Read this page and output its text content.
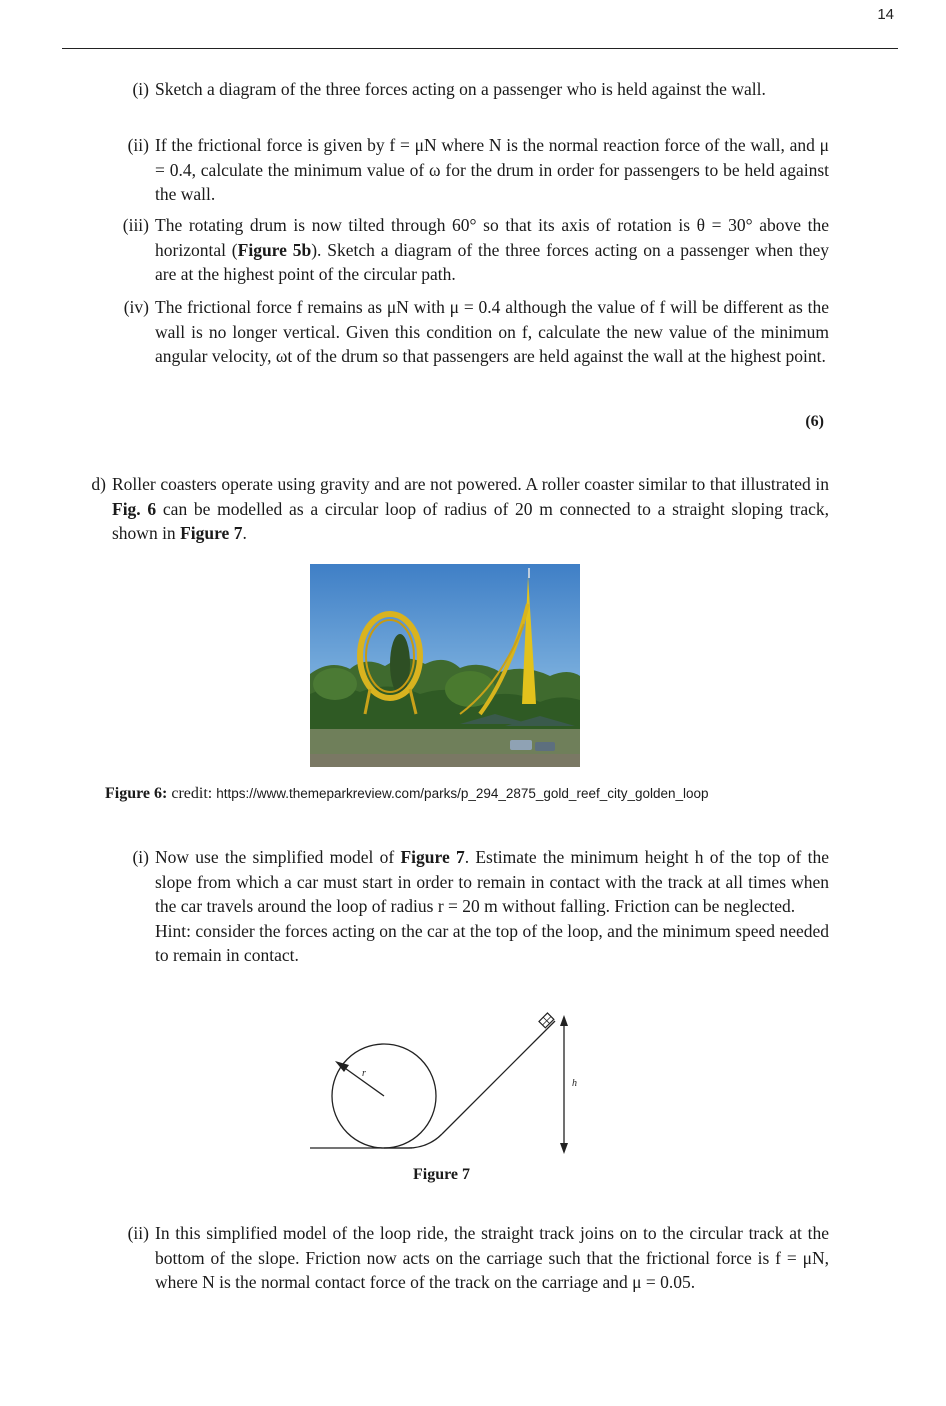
14
(i) Sketch a diagram of the three forces acting on a passenger who is held against the wall.
(ii) If the frictional force is given by f = μN where N is the normal reaction force of the wall, and μ = 0.4, calculate the minimum value of ω for the drum in order for passengers to be held against the wall.
(iii) The rotating drum is now tilted through 60° so that its axis of rotation is θ = 30° above the horizontal (Figure 5b). Sketch a diagram of the three forces acting on a passenger when they are at the highest point of the circular path.
(iv) The frictional force f remains as μN with μ = 0.4 although the value of f will be different as the wall is no longer vertical. Given this condition on f, calculate the new value of the minimum angular velocity, ωt of the drum so that passengers are held against the wall at the highest point.
(6)
d) Roller coasters operate using gravity and are not powered. A roller coaster similar to that illustrated in Fig. 6 can be modelled as a circular loop of radius of 20 m connected to a straight sloping track, shown in Figure 7.
Figure 6: credit: https://www.themeparkreview.com/parks/p_294_2875_gold_reef_city_golden_loop
(i) Now use the simplified model of Figure 7. Estimate the minimum height h of the top of the slope from which a car must start in order to remain in contact with the track at all times when the car travels around the loop of radius r = 20 m without falling. Friction can be neglected.
Hint: consider the forces acting on the car at the top of the loop, and the minimum speed needed to remain in contact.
r
h
Figure 7
(ii) In this simplified model of the loop ride, the straight track joins on to the circular track at the bottom of the slope. Friction now acts on the carriage such that the frictional force is f = μN, where N is the normal contact force of the track on the carriage and μ = 0.05.
